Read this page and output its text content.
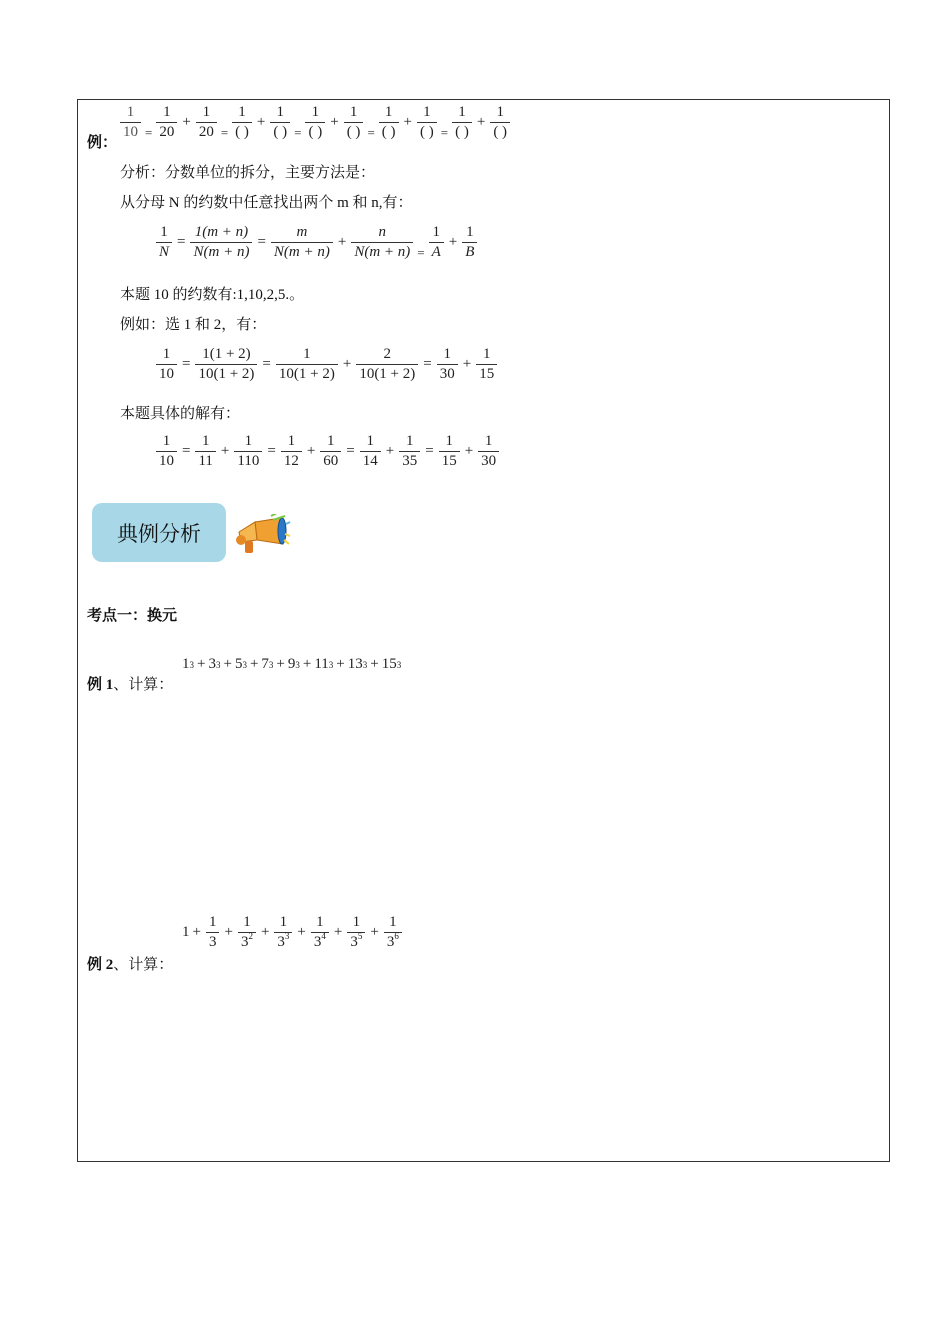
例：
$\frac{1}{10} = \frac{1}{20} + \frac{1}{20} = \frac{1}{( )} + \frac{1}{( )} = \frac{1}{( )} + \frac{1}{( )} = \frac{1}{( )} + \frac{1}{( )} = \frac{1}{( )} + \frac{1}{( )}$
分析：分数单位的拆分，主要方法是：
从分母 N 的约数中任意找出两个 m 和 n,有：
$\frac{1}{N} = \frac{1(m + n)}{N(m + n)} = \frac{m}{N(m + n)} + \frac{n}{N(m + n)} = \frac{1}{A} + \frac{1}{B}$
本题 10 的约数有:1,10,2,5.。
例如：选 1 和 2，有：
$\frac{1}{10} = \frac{1(1 + 2)}{10(1 + 2)} = \frac{1}{10(1 + 2)} + \frac{2}{10(1 + 2)} = \frac{1}{30} + \frac{1}{15}$
本题具体的解有：
$\frac{1}{10} = \frac{1}{11} + \frac{1}{110} = \frac{1}{12} + \frac{1}{60} = \frac{1}{14} + \frac{1}{35} = \frac{1}{15} + \frac{1}{30}$
典例分析
考点一：换元
例 1、计算：
1 3 + 3 3 + 5 3 + 7 3 + 9 3 + 11 3 + 13 3 + 15 3
例 2、计算：
$1 + \frac{1}{3} + \frac{1}{3^2} + \frac{1}{3^3} + \frac{1}{3^4} + \frac{1}{3^5} + \frac{1}{3^6}$
